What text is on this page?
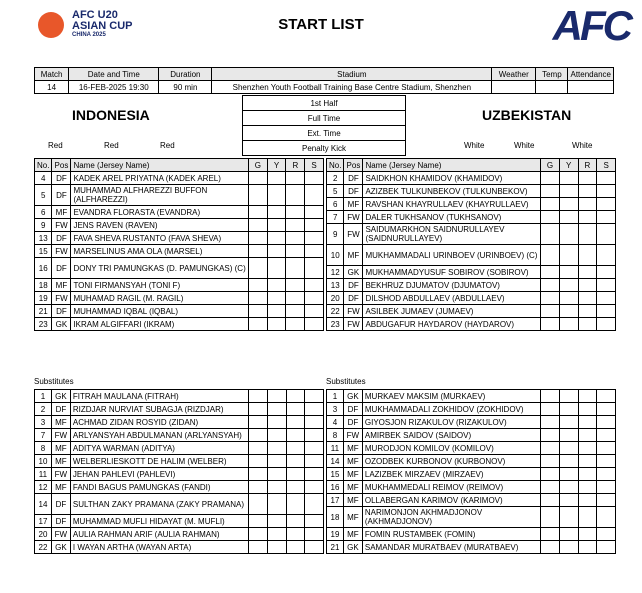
AFC U20
ASIAN CUP
CHINA 2025
START LIST	AFC
Match	Date and Time	Duration	Stadium	Weather	Temp	Attendance
14	16-FEB-2025 19:30	90 min	Shenzhen Youth Football Training Base Centre Stadium, Shenzhen			
INDONESIA	UZBEKISTAN
1st Half
Full Time
Ext. Time
Penalty Kick
Red	Red	Red	White	White	White
No.	Pos	Name (Jersey Name)	G	Y	R	S
4	DF	KADEK AREL PRIYATNA (KADEK AREL)				
5	DF	MUHAMMAD ALFHAREZZI BUFFON (ALFHAREZZI)				
6	MF	EVANDRA FLORASTA (EVANDRA)				
9	FW	JENS RAVEN (RAVEN)				
13	DF	FAVA SHEVA RUSTANTO (FAVA SHEVA)				
15	FW	MARSELINUS AMA OLA (MARSEL)				
16	DF	DONY TRI PAMUNGKAS (D. PAMUNGKAS) (C)				
18	MF	TONI FIRMANSYAH (TONI F)				
19	FW	MUHAMAD RAGIL (M. RAGIL)				
21	DF	MUHAMMAD IQBAL (IQBAL)				
23	GK	IKRAM ALGIFFARI (IKRAM)				
No.	Pos	Name (Jersey Name)	G	Y	R	S
2	DF	SAIDKHON KHAMIDOV (KHAMIDOV)				
5	DF	AZIZBEK TULKUNBEKOV (TULKUNBEKOV)				
6	MF	RAVSHAN KHAYRULLAEV (KHAYRULLAEV)				
7	FW	DALER TUKHSANOV (TUKHSANOV)				
9	FW	SAIDUMARKHON SAIDNURULLAYEV (SAIDNURULLAYEV)				
10	MF	MUKHAMMADALI URINBOEV (URINBOEV) (C)				
12	GK	MUKHAMMADYUSUF SOBIROV (SOBIROV)				
13	DF	BEKHRUZ DJUMATOV (DJUMATOV)				
20	DF	DILSHOD ABDULLAEV (ABDULLAEV)				
22	FW	ASILBEK JUMAEV (JUMAEV)				
23	FW	ABDUGAFUR HAYDAROV (HAYDAROV)				
Substitutes	Substitutes
1	GK	FITRAH MAULANA (FITRAH)				
2	DF	RIZDJAR NURVIAT SUBAGJA (RIZDJAR)				
3	MF	ACHMAD ZIDAN ROSYID (ZIDAN)				
7	FW	ARLYANSYAH ABDULMANAN (ARLYANSYAH)				
8	MF	ADITYA WARMAN (ADITYA)				
10	MF	WELBERLIESKOTT DE HALIM (WELBER)				
11	FW	JEHAN PAHLEVI (PAHLEVI)				
12	MF	FANDI BAGUS PAMUNGKAS (FANDI)				
14	DF	SULTHAN ZAKY PRAMANA (ZAKY PRAMANA)				
17	DF	MUHAMMAD MUFLI HIDAYAT (M. MUFLI)				
20	FW	AULIA RAHMAN ARIF (AULIA RAHMAN)				
22	GK	I WAYAN ARTHA (WAYAN ARTA)				
1	GK	MURKAEV MAKSIM (MURKAEV)				
3	DF	MUKHAMMADALI ZOKHIDOV (ZOKHIDOV)				
4	DF	GIYOSJON RIZAKULOV (RIZAKULOV)				
8	FW	AMIRBEK SAIDOV (SAIDOV)				
11	MF	MURODJON KOMILOV (KOMILOV)				
14	MF	OZODBEK KURBONOV (KURBONOV)				
15	MF	LAZIZBEK MIRZAEV (MIRZAEV)				
16	MF	MUKHAMMEDALI REIMOV (REIMOV)				
17	MF	OLLABERGAN KARIMOV (KARIMOV)				
18	MF	NARIMONJON AKHMADJONOV (AKHMADJONOV)				
19	MF	FOMIN RUSTAMBEK (FOMIN)				
21	GK	SAMANDAR MURATBAEV (MURATBAEV)				
